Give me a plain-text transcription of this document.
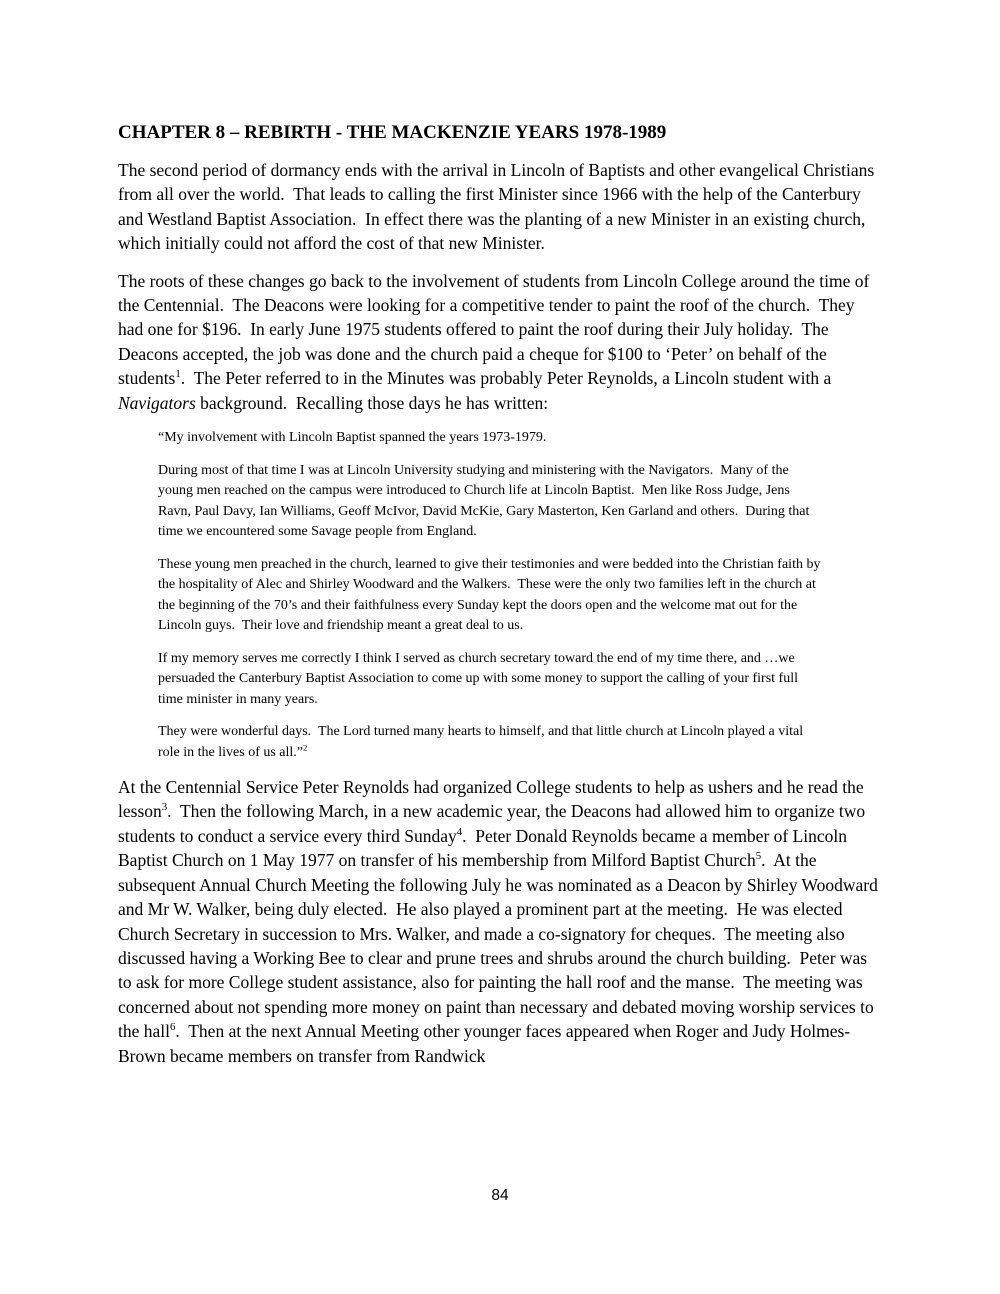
CHAPTER 8 – REBIRTH - THE MACKENZIE YEARS 1978-1989

The second period of dormancy ends with the arrival in Lincoln of Baptists and other evangelical Christians from all over the world.  That leads to calling the first Minister since 1966 with the help of the Canterbury and Westland Baptist Association.  In effect there was the planting of a new Minister in an existing church, which initially could not afford the cost of that new Minister.

The roots of these changes go back to the involvement of students from Lincoln College around the time of the Centennial.  The Deacons were looking for a competitive tender to paint the roof of the church.  They had one for $196.  In early June 1975 students offered to paint the roof during their July holiday.  The Deacons accepted, the job was done and the church paid a cheque for $100 to ‘Peter’ on behalf of the students$^1$.  The Peter referred to in the Minutes was probably Peter Reynolds, a Lincoln student with a Navigators background.  Recalling those days he has written:

“My involvement with Lincoln Baptist spanned the years 1973-1979.

During most of that time I was at Lincoln University studying and ministering with the Navigators.  Many of the young men reached on the campus were introduced to Church life at Lincoln Baptist.  Men like Ross Judge, Jens Ravn, Paul Davy, Ian Williams, Geoff McIvor, David McKie, Gary Masterton, Ken Garland and others.  During that time we encountered some Savage people from England.

These young men preached in the church, learned to give their testimonies and were bedded into the Christian faith by the hospitality of Alec and Shirley Woodward and the Walkers.  These were the only two families left in the church at the beginning of the 70’s and their faithfulness every Sunday kept the doors open and the welcome mat out for the Lincoln guys.  Their love and friendship meant a great deal to us.

If my memory serves me correctly I think I served as church secretary toward the end of my time there, and …we persuaded the Canterbury Baptist Association to come up with some money to support the calling of your first full time minister in many years.

They were wonderful days.  The Lord turned many hearts to himself, and that little church at Lincoln played a vital role in the lives of us all.”$^2$

At the Centennial Service Peter Reynolds had organized College students to help as ushers and he read the lesson$^3$.  Then the following March, in a new academic year, the Deacons had allowed him to organize two students to conduct a service every third Sunday$^4$.  Peter Donald Reynolds became a member of Lincoln Baptist Church on 1 May 1977 on transfer of his membership from Milford Baptist Church$^5$.  At the subsequent Annual Church Meeting the following July he was nominated as a Deacon by Shirley Woodward and Mr W. Walker, being duly elected.  He also played a prominent part at the meeting.  He was elected Church Secretary in succession to Mrs. Walker, and made a co-signatory for cheques.  The meeting also discussed having a Working Bee to clear and prune trees and shrubs around the church building.  Peter was to ask for more College student assistance, also for painting the hall roof and the manse.  The meeting was concerned about not spending more money on paint than necessary and debated moving worship services to the hall$^6$.  Then at the next Annual Meeting other younger faces appeared when Roger and Judy Holmes-Brown became members on transfer from Randwick

84
